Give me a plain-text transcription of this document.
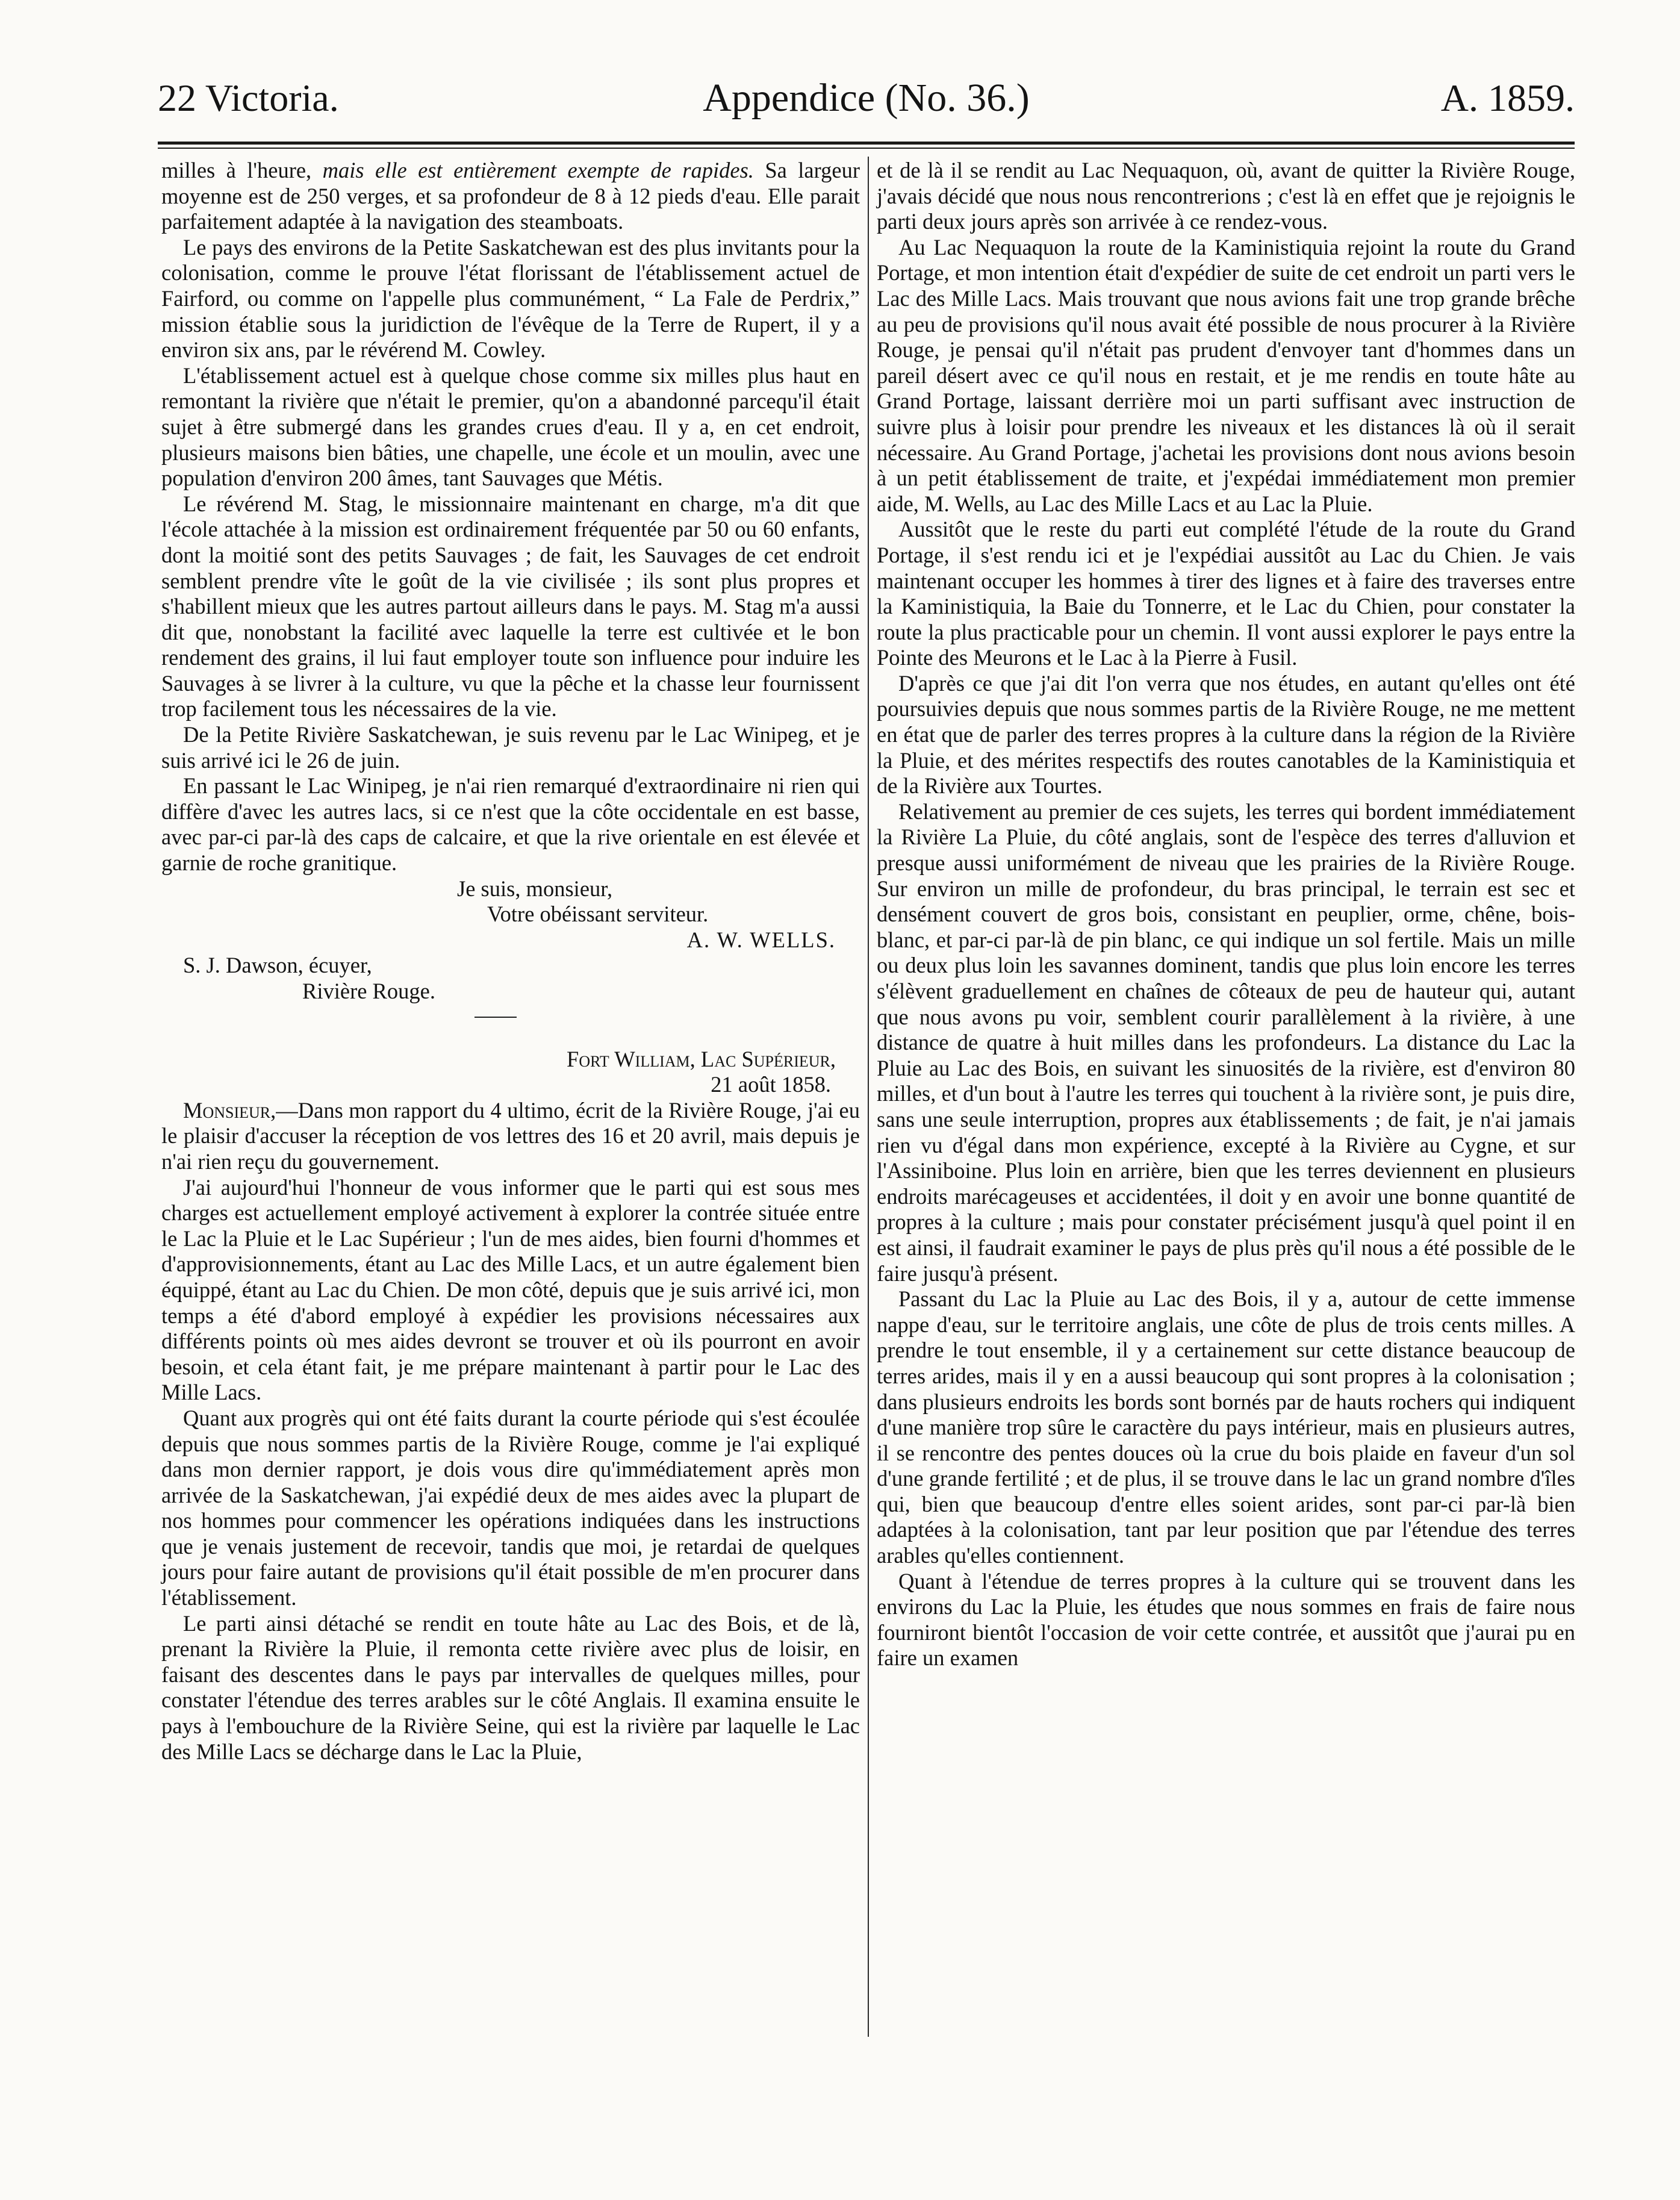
22 Victoria.	Appendice (No. 36.)	A. 1859.

milles à l'heure, mais elle est entièrement exempte de rapides. Sa largeur moyenne est de 250 verges, et sa profondeur de 8 à 12 pieds d'eau. Elle parait parfaitement adaptée à la navigation des steamboats.

Le pays des environs de la Petite Saskatchewan est des plus invitants pour la colonisation, comme le prouve l'état florissant de l'établissement actuel de Fairford, ou comme on l'appelle plus communément, “ La Fale de Perdrix,” mission établie sous la juridiction de l'évêque de la Terre de Rupert, il y a environ six ans, par le révérend M. Cowley.

L'établissement actuel est à quelque chose comme six milles plus haut en remontant la rivière que n'était le premier, qu'on a abandonné parcequ'il était sujet à être submergé dans les grandes crues d'eau. Il y a, en cet endroit, plusieurs maisons bien bâties, une chapelle, une école et un moulin, avec une population d'environ 200 âmes, tant Sauvages que Métis.

Le révérend M. Stag, le missionnaire maintenant en charge, m'a dit que l'école attachée à la mission est ordinairement fréquentée par 50 ou 60 enfants, dont la moitié sont des petits Sauvages ; de fait, les Sauvages de cet endroit semblent prendre vîte le goût de la vie civilisée ; ils sont plus propres et s'habillent mieux que les autres partout ailleurs dans le pays. M. Stag m'a aussi dit que, nonobstant la facilité avec laquelle la terre est cultivée et le bon rendement des grains, il lui faut employer toute son influence pour induire les Sauvages à se livrer à la culture, vu que la pêche et la chasse leur fournissent trop facilement tous les nécessaires de la vie.

De la Petite Rivière Saskatchewan, je suis revenu par le Lac Winipeg, et je suis arrivé ici le 26 de juin.

En passant le Lac Winipeg, je n'ai rien remarqué d'extraordinaire ni rien qui diffère d'avec les autres lacs, si ce n'est que la côte occidentale en est basse, avec par-ci par-là des caps de calcaire, et que la rive orientale en est élevée et garnie de roche granitique.

Je suis, monsieur,

Votre obéissant serviteur.

A. W. WELLS.

S. J. Dawson, écuyer,

Rivière Rouge.

Fort William, Lac Supérieur,

21 août 1858.

Monsieur,—Dans mon rapport du 4 ultimo, écrit de la Rivière Rouge, j'ai eu le plaisir d'accuser la réception de vos lettres des 16 et 20 avril, mais depuis je n'ai rien reçu du gouvernement.

J'ai aujourd'hui l'honneur de vous informer que le parti qui est sous mes charges est actuellement employé activement à explorer la contrée située entre le Lac la Pluie et le Lac Supérieur ; l'un de mes aides, bien fourni d'hommes et d'approvisionnements, étant au Lac des Mille Lacs, et un autre également bien équippé, étant au Lac du Chien. De mon côté, depuis que je suis arrivé ici, mon temps a été d'abord employé à expédier les provisions nécessaires aux différents points où mes aides devront se trouver et où ils pourront en avoir besoin, et cela étant fait, je me prépare maintenant à partir pour le Lac des Mille Lacs.

Quant aux progrès qui ont été faits durant la courte période qui s'est écoulée depuis que nous sommes partis de la Rivière Rouge, comme je l'ai expliqué dans mon dernier rapport, je dois vous dire qu'immédiatement après mon arrivée de la Saskatchewan, j'ai expédié deux de mes aides avec la plupart de nos hommes pour commencer les opérations indiquées dans les instructions que je venais justement de recevoir, tandis que moi, je retardai de quelques jours pour faire autant de provisions qu'il était possible de m'en procurer dans l'établissement.

Le parti ainsi détaché se rendit en toute hâte au Lac des Bois, et de là, prenant la Rivière la Pluie, il remonta cette rivière avec plus de loisir, en faisant des descentes dans le pays par intervalles de quelques milles, pour constater l'étendue des terres arables sur le côté Anglais. Il examina ensuite le pays à l'embouchure de la Rivière Seine, qui est la rivière par laquelle le Lac des Mille Lacs se décharge dans le Lac la Pluie,

et de là il se rendit au Lac Nequaquon, où, avant de quitter la Rivière Rouge, j'avais décidé que nous nous rencontrerions ; c'est là en effet que je rejoignis le parti deux jours après son arrivée à ce rendez-vous.

Au Lac Nequaquon la route de la Kaministiquia rejoint la route du Grand Portage, et mon intention était d'expédier de suite de cet endroit un parti vers le Lac des Mille Lacs. Mais trouvant que nous avions fait une trop grande brêche au peu de provisions qu'il nous avait été possible de nous procurer à la Rivière Rouge, je pensai qu'il n'était pas prudent d'envoyer tant d'hommes dans un pareil désert avec ce qu'il nous en restait, et je me rendis en toute hâte au Grand Portage, laissant derrière moi un parti suffisant avec instruction de suivre plus à loisir pour prendre les niveaux et les distances là où il serait nécessaire. Au Grand Portage, j'achetai les provisions dont nous avions besoin à un petit établissement de traite, et j'expédai immédiatement mon premier aide, M. Wells, au Lac des Mille Lacs et au Lac la Pluie.

Aussitôt que le reste du parti eut complété l'étude de la route du Grand Portage, il s'est rendu ici et je l'expédiai aussitôt au Lac du Chien. Je vais maintenant occuper les hommes à tirer des lignes et à faire des traverses entre la Kaministiquia, la Baie du Tonnerre, et le Lac du Chien, pour constater la route la plus practicable pour un chemin. Il vont aussi explorer le pays entre la Pointe des Meurons et le Lac à la Pierre à Fusil.

D'après ce que j'ai dit l'on verra que nos études, en autant qu'elles ont été poursuivies depuis que nous sommes partis de la Rivière Rouge, ne me mettent en état que de parler des terres propres à la culture dans la région de la Rivière la Pluie, et des mérites respectifs des routes canotables de la Kaministiquia et de la Rivière aux Tourtes.

Relativement au premier de ces sujets, les terres qui bordent immédiatement la Rivière La Pluie, du côté anglais, sont de l'espèce des terres d'alluvion et presque aussi uniformément de niveau que les prairies de la Rivière Rouge. Sur environ un mille de profondeur, du bras principal, le terrain est sec et densément couvert de gros bois, consistant en peuplier, orme, chêne, bois-blanc, et par-ci par-là de pin blanc, ce qui indique un sol fertile. Mais un mille ou deux plus loin les savannes dominent, tandis que plus loin encore les terres s'élèvent graduellement en chaînes de côteaux de peu de hauteur qui, autant que nous avons pu voir, semblent courir parallèlement à la rivière, à une distance de quatre à huit milles dans les profondeurs. La distance du Lac la Pluie au Lac des Bois, en suivant les sinuosités de la rivière, est d'environ 80 milles, et d'un bout à l'autre les terres qui touchent à la rivière sont, je puis dire, sans une seule interruption, propres aux établissements ; de fait, je n'ai jamais rien vu d'égal dans mon expérience, excepté à la Rivière au Cygne, et sur l'Assiniboine. Plus loin en arrière, bien que les terres deviennent en plusieurs endroits marécageuses et accidentées, il doit y en avoir une bonne quantité de propres à la culture ; mais pour constater précisément jusqu'à quel point il en est ainsi, il faudrait examiner le pays de plus près qu'il nous a été possible de le faire jusqu'à présent.

Passant du Lac la Pluie au Lac des Bois, il y a, autour de cette immense nappe d'eau, sur le territoire anglais, une côte de plus de trois cents milles. A prendre le tout ensemble, il y a certainement sur cette distance beaucoup de terres arides, mais il y en a aussi beaucoup qui sont propres à la colonisation ; dans plusieurs endroits les bords sont bornés par de hauts rochers qui indiquent d'une manière trop sûre le caractère du pays intérieur, mais en plusieurs autres, il se rencontre des pentes douces où la crue du bois plaide en faveur d'un sol d'une grande fertilité ; et de plus, il se trouve dans le lac un grand nombre d'îles qui, bien que beaucoup d'entre elles soient arides, sont par-ci par-là bien adaptées à la colonisation, tant par leur position que par l'étendue des terres arables qu'elles contiennent.

Quant à l'étendue de terres propres à la culture qui se trouvent dans les environs du Lac la Pluie, les études que nous sommes en frais de faire nous fourniront bientôt l'occasion de voir cette contrée, et aussitôt que j'aurai pu en faire un examen
